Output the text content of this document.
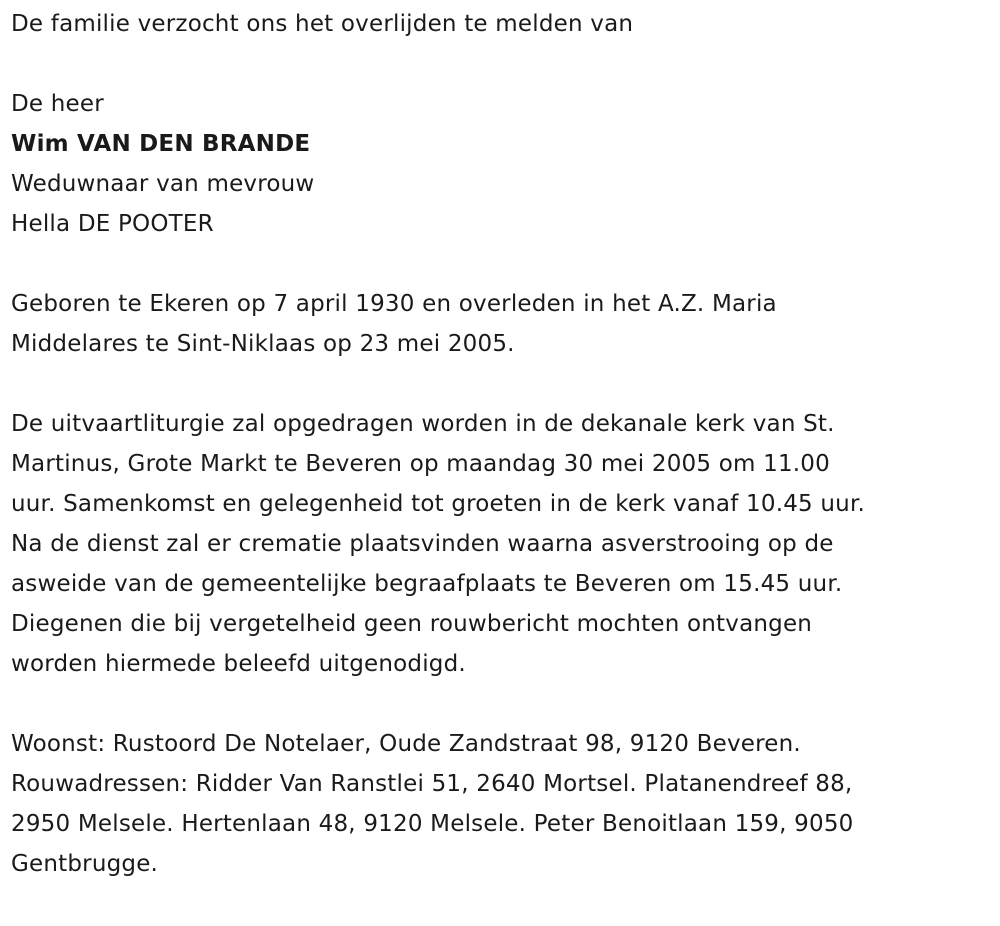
De familie verzocht ons het overlijden te melden van
De heer
Wim VAN DEN BRANDE
Weduwnaar van mevrouw
Hella DE POOTER
Geboren te Ekeren op 7 april 1930 en overleden in het A.Z. Maria
Middelares te Sint-Niklaas op 23 mei 2005.
De uitvaartliturgie zal opgedragen worden in de dekanale kerk van St.
Martinus, Grote Markt te Beveren op maandag 30 mei 2005 om 11.00
uur. Samenkomst en gelegenheid tot groeten in de kerk vanaf 10.45 uur.
Na de dienst zal er crematie plaatsvinden waarna asverstrooing op de
asweide van de gemeentelijke begraafplaats te Beveren om 15.45 uur.
Diegenen die bij vergetelheid geen rouwbericht mochten ontvangen
worden hiermede beleefd uitgenodigd.
Woonst: Rustoord De Notelaer, Oude Zandstraat 98, 9120 Beveren.
Rouwadressen: Ridder Van Ranstlei 51, 2640 Mortsel. Platanendreef 88,
2950 Melsele. Hertenlaan 48, 9120 Melsele. Peter Benoitlaan 159, 9050
Gentbrugge.
